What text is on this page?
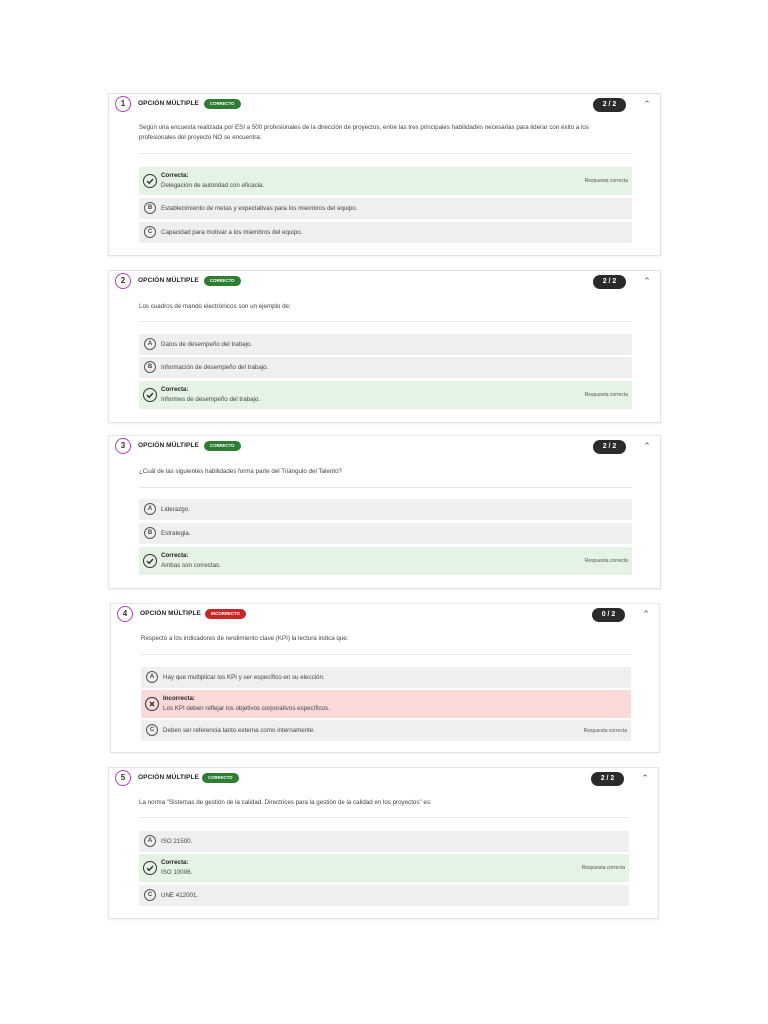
1	OPCIÓN MÚLTIPLE	CORRECTO	2 / 2	⌃
Según una encuesta realizada por ESI a 500 profesionales de la dirección de proyectos, entre las tres principales habilidades necesarias para liderar con éxito a los
profesionales del proyecto NO se encuentra:
Correcta:
Delegación de autoridad con eficacia.
Respuesta correcta
B	Establecimiento de metas y expectativas para los miembros del equipo.
C	Capacidad para motivar a los miembros del equipo.
2	OPCIÓN MÚLTIPLE	CORRECTO	2 / 2	⌃
Los cuadros de mando electrónicos son un ejemplo de:
A	Datos de desempeño del trabajo.
B	Información de desempeño del trabajo.
Correcta:
Informes de desempeño del trabajo.
Respuesta correcta
3	OPCIÓN MÚLTIPLE	CORRECTO	2 / 2	⌃
¿Cuál de las siguientes habilidades forma parte del Triángulo del Talento?
A	Liderazgo.
B	Estrategia.
Correcta:
Ambas son correctas.
Respuesta correcta
4	OPCIÓN MÚLTIPLE	INCORRECTO	0 / 2	⌃
Respecto a los indicadores de rendimiento clave (KPI) la lectura indica que:
A	Hay que multiplicar los KPI y ser específico en su elección.
Incorrecta:
Los KPI deben reflejar los objetivos corporativos específicos.
C	Deben ser referencia tanto externa como internamente.	Respuesta correcta
5	OPCIÓN MÚLTIPLE	CORRECTO	2 / 2	⌃
La norma "Sistemas de gestión de la calidad. Directrices para la gestión de la calidad en los proyectos" es:
A	ISO 21500.
Correcta:
ISO 10006.
Respuesta correcta
C	UNE 412001.
